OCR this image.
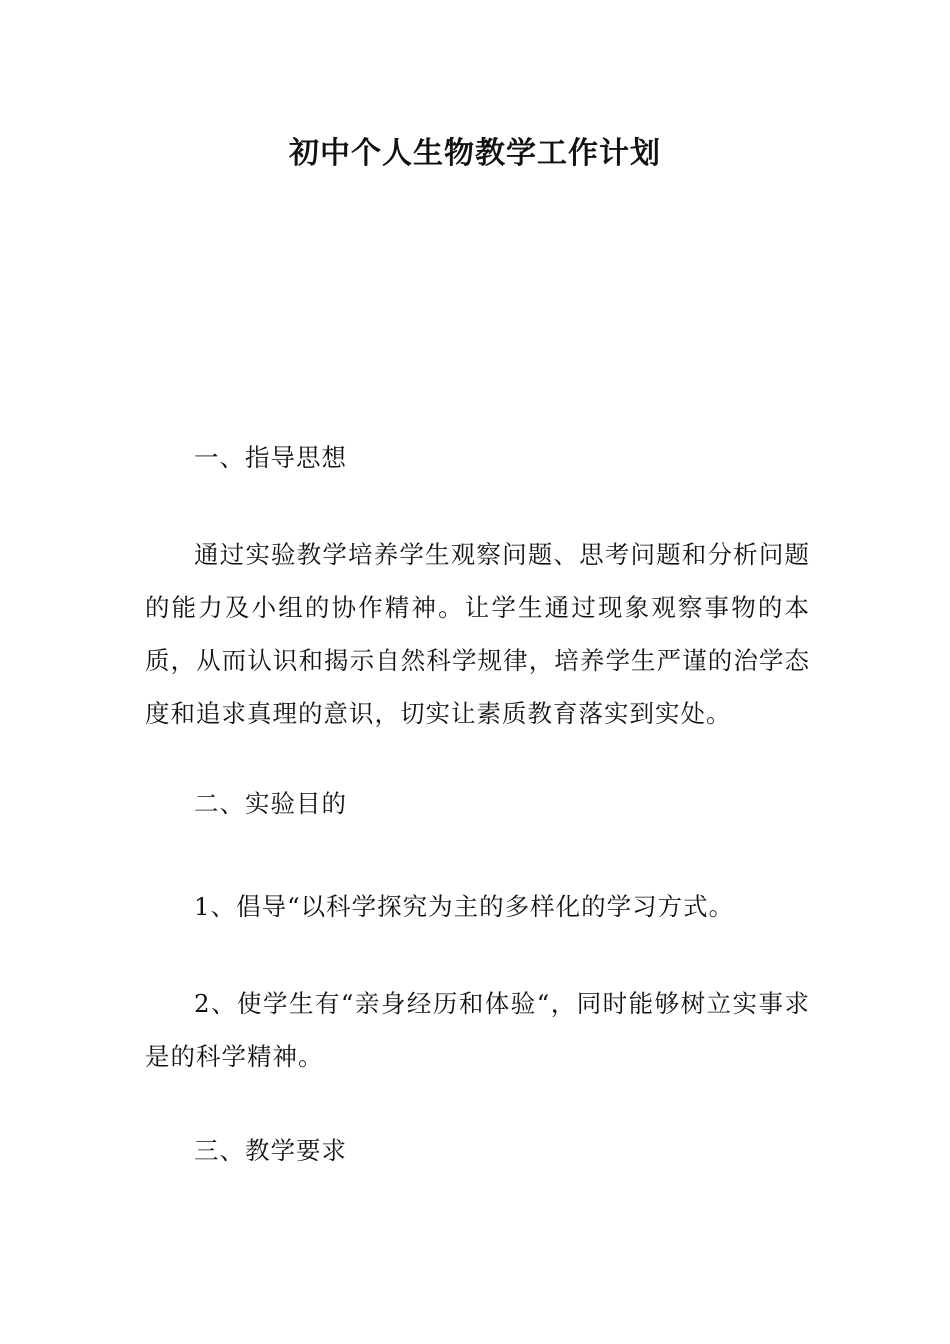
初中个人生物教学工作计划

一、指导思想

通过实验教学培养学生观察问题、思考问题和分析问题的能力及小组的协作精神。让学生通过现象观察事物的本质，从而认识和揭示自然科学规律，培养学生严谨的治学态度和追求真理的意识，切实让素质教育落实到实处。

二、实验目的

1、倡导“以科学探究为主的多样化的学习方式。

2、使学生有“亲身经历和体验“，同时能够树立实事求是的科学精神。

三、教学要求
